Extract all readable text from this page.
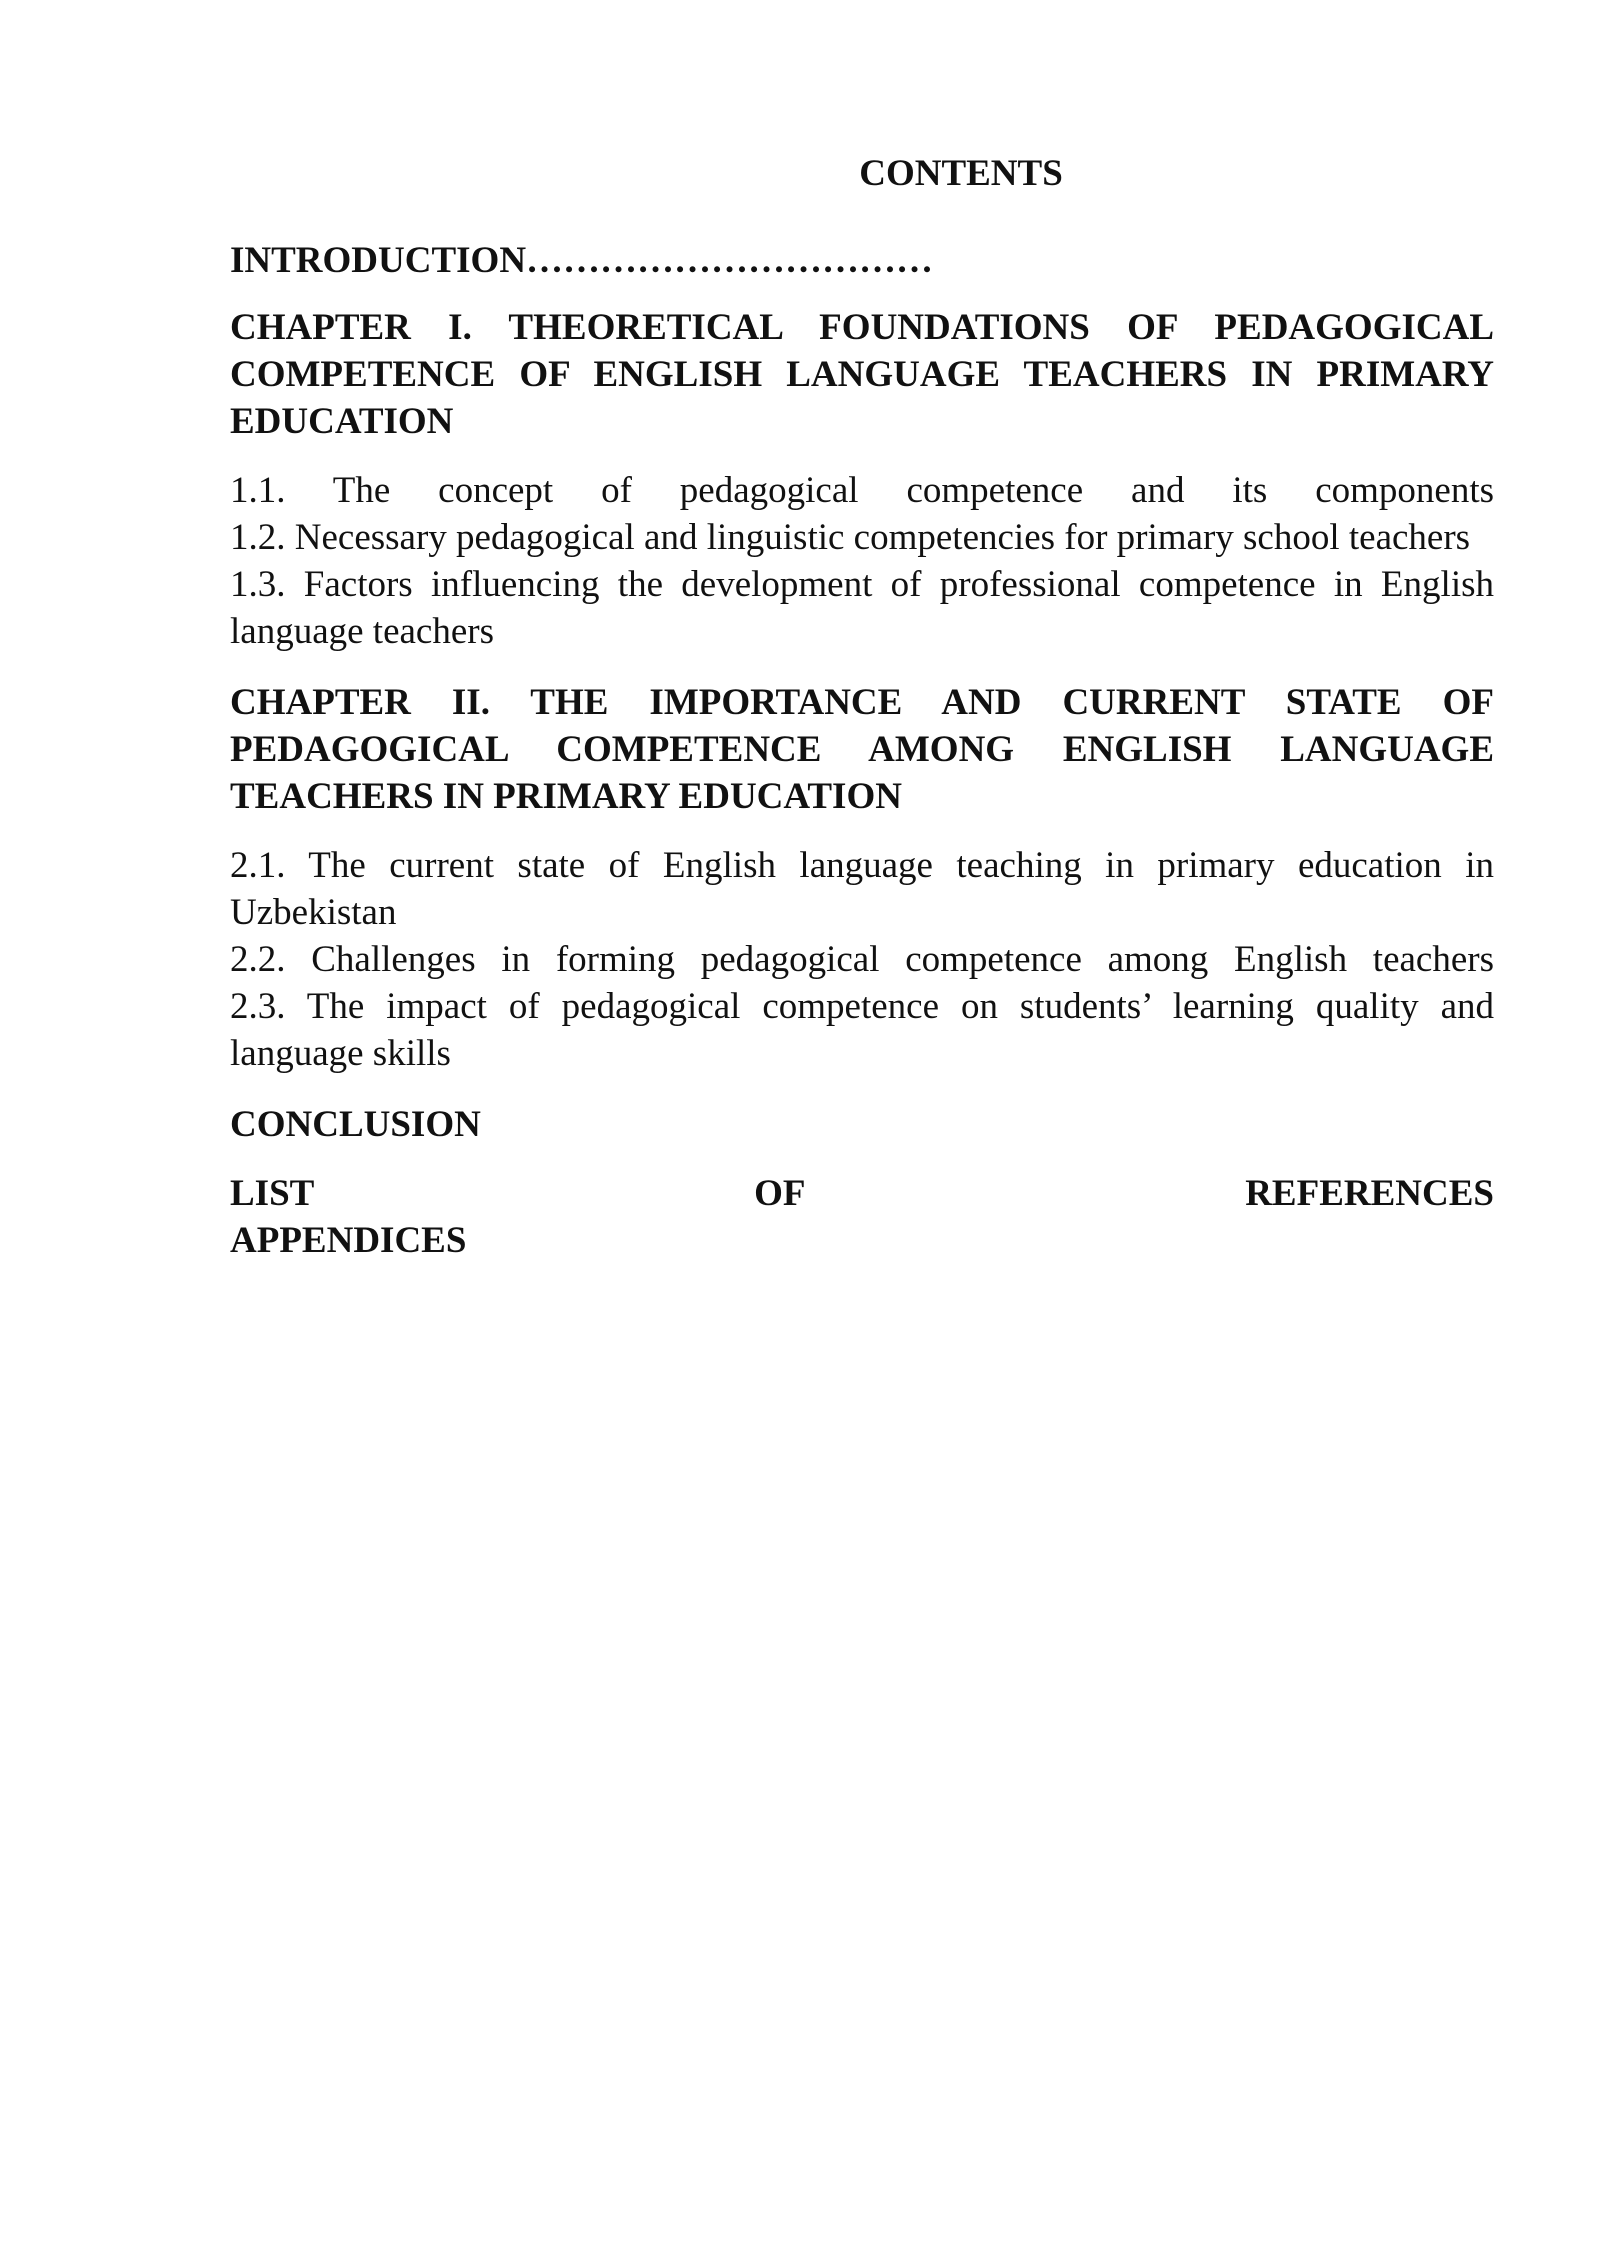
CONTENTS
INTRODUCTION……………………………
CHAPTER I. THEORETICAL FOUNDATIONS OF PEDAGOGICAL COMPETENCE OF ENGLISH LANGUAGE TEACHERS IN PRIMARY EDUCATION
1.1. The concept of pedagogical competence and its components
1.2. Necessary pedagogical and linguistic competencies for primary school teachers
1.3. Factors influencing the development of professional competence in English language teachers
CHAPTER II. THE IMPORTANCE AND CURRENT STATE OF PEDAGOGICAL COMPETENCE AMONG ENGLISH LANGUAGE TEACHERS IN PRIMARY EDUCATION
2.1. The current state of English language teaching in primary education in Uzbekistan
2.2. Challenges in forming pedagogical competence among English teachers
2.3. The impact of pedagogical competence on students’ learning quality and language skills
CONCLUSION
LIST	OF	REFERENCES
APPENDICES
